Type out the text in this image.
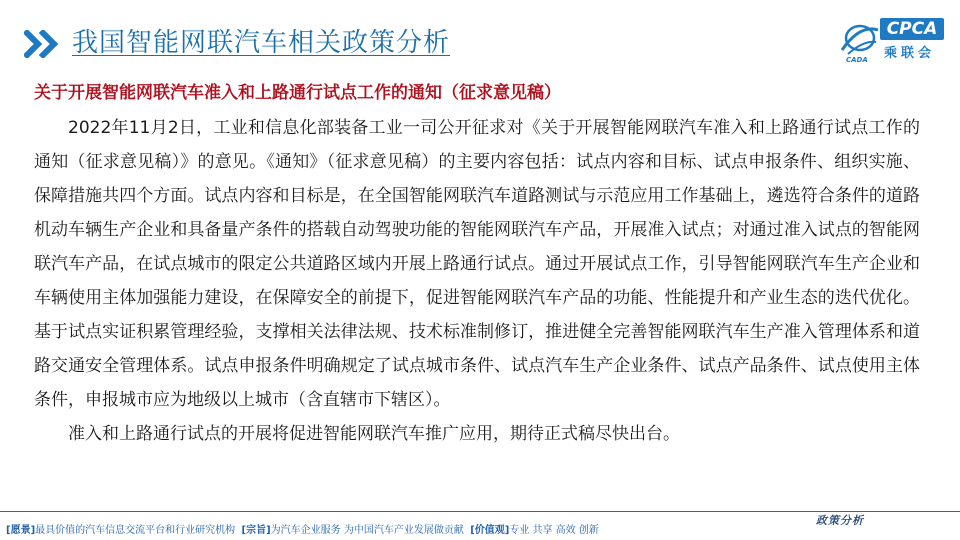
我国智能网联汽车相关政策分析	CPCA
乘联会
CADA
关于开展智能网联汽车准入和上路通行试点工作的通知（征求意见稿）

2022年11月2日，工业和信息化部装备工业一司公开征求对《关于开展智能网联汽车准入和上路通行试点工作的通知（征求意见稿）》的意见。《通知》（征求意见稿）的主要内容包括：试点内容和目标、试点申报条件、组织实施、保障措施共四个方面。试点内容和目标是，在全国智能网联汽车道路测试与示范应用工作基础上，遴选符合条件的道路机动车辆生产企业和具备量产条件的搭载自动驾驶功能的智能网联汽车产品，开展准入试点；对通过准入试点的智能网联汽车产品，在试点城市的限定公共道路区域内开展上路通行试点。通过开展试点工作，引导智能网联汽车生产企业和车辆使用主体加强能力建设，在保障安全的前提下，促进智能网联汽车产品的功能、性能提升和产业生态的迭代优化。基于试点实证积累管理经验，支撑相关法律法规、技术标准制修订，推进健全完善智能网联汽车生产准入管理体系和道路交通安全管理体系。试点申报条件明确规定了试点城市条件、试点汽车生产企业条件、试点产品条件、试点使用主体条件，申报城市应为地级以上城市（含直辖市下辖区）。

准入和上路通行试点的开展将促进智能网联汽车推广应用，期待正式稿尽快出台。

[愿景]最具价值的汽车信息交流平台和行业研究机构 [宗旨]为汽车企业服务 为中国汽车产业发展做贡献 [价值观]专业 共享 高效 创新
政策分析
